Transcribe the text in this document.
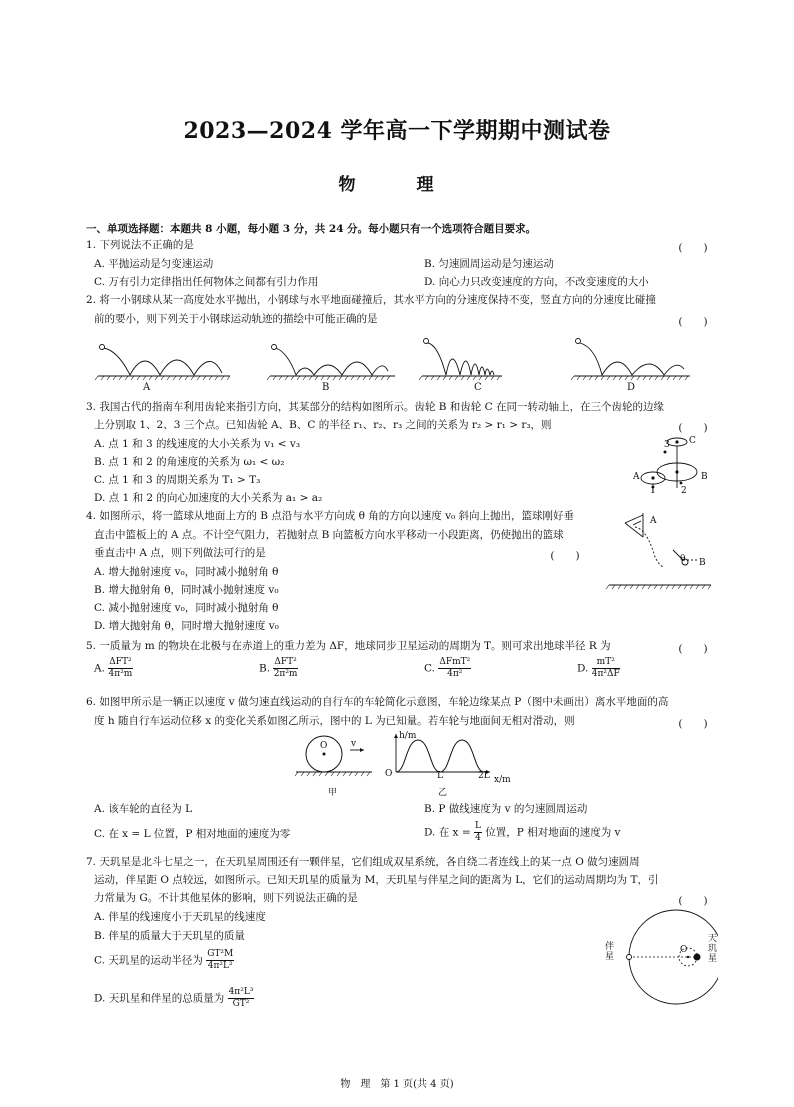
2023—2024 学年高一下学期期中测试卷
物　理
一、单项选择题：本题共 8 小题，每小题 3 分，共 24 分。每小题只有一个选项符合题目要求。
1. 下列说法不正确的是	(　　)
A. 平抛运动是匀变速运动	B. 匀速圆周运动是匀速运动
C. 万有引力定律指出任何物体之间都有引力作用	D. 向心力只改变速度的方向，不改变速度的大小
2. 将一小钢球从某一高度处水平抛出，小钢球与水平地面碰撞后，其水平方向的分速度保持不变，竖直方向的分速度比碰撞
前的要小，则下列关于小钢球运动轨迹的描绘中可能正确的是	(　　)
A	B	C	D
3. 我国古代的指南车利用齿轮来指引方向，其某部分的结构如图所示。齿轮 B 和齿轮 C 在同一转动轴上，在三个齿轮的边缘
上分别取 1、2、3 三个点。已知齿轮 A、B、C 的半径 r₁、r₂、r₃ 之间的关系为 r₂ > r₁ > r₃，则	(　　)
A. 点 1 和 3 的线速度的大小关系为 v₁ < v₃
B. 点 1 和 2 的角速度的关系为 ω₁ < ω₂
C. 点 1 和 3 的周期关系为 T₁ > T₃
D. 点 1 和 2 的向心加速度的大小关系为 a₁ > a₂
3 C
A	B
1	2
4. 如图所示，将一篮球从地面上方的 B 点沿与水平方向成 θ 角的方向以速度 v₀ 斜向上抛出，篮球刚好垂
直击中篮板上的 A 点。不计空气阻力，若抛射点 B 向篮板方向水平移动一小段距离，仍使抛出的篮球
垂直击中 A 点，则下列做法可行的是	(　　)
A. 增大抛射速度 v₀，同时减小抛射角 θ
B. 增大抛射角 θ，同时减小抛射速度 v₀
C. 减小抛射速度 v₀，同时减小抛射角 θ
D. 增大抛射角 θ，同时增大抛射速度 v₀
A
θ B
5. 一质量为 m 的物块在北极与在赤道上的重力差为 ΔF，地球同步卫星运动的周期为 T。则可求出地球半径 R 为	(　　)
A. $\frac{\text{ΔFT²}}{\text{4π²m}}$	B. $\frac{\text{ΔFT²}}{\text{2π²m}}$	C. $\frac{\text{ΔFmT²}}{\text{4π²}}$	D. $\frac{\text{mT²}}{\text{4π²ΔF}}$
6. 如图甲所示是一辆正以速度 v 做匀速直线运动的自行车的车轮简化示意图，车轮边缘某点 P（图中未画出）离水平地面的高
度 h 随自行车运动位移 x 的变化关系如图乙所示，图中的 L 为已知量。若车轮与地面间无相对滑动，则	(　　)
O	v
甲
h/m
O	L	2L x/m
乙
A. 该车轮的直径为 L	B. P 做线速度为 v 的匀速圆周运动
C. 在 x = L 位置，P 相对地面的速度为零	D. 在 $x = \frac{L}{4}$ 位置，P 相对地面的速度为 v
7. 天玑星是北斗七星之一，在天玑星周围还有一颗伴星，它们组成双星系统，各自绕二者连线上的某一点 O 做匀速圆周
运动，伴星距 O 点较远，如图所示。已知天玑星的质量为 M，天玑星与伴星之间的距离为 L，它们的运动周期均为 T，引
力常量为 G。不计其他星体的影响，则下列说法正确的是	(　　)
A. 伴星的线速度小于天玑星的线速度
B. 伴星的质量大于天玑星的质量
C. 天玑星的运动半径为 $\frac{\text{GT²M}}{\text{4π²L²}}$
D. 天玑星和伴星的总质量为 $\frac{\text{4π²L³}}{\text{GT²}}$
伴星
O
天玑星
物　理　第 1 页(共 4 页)
